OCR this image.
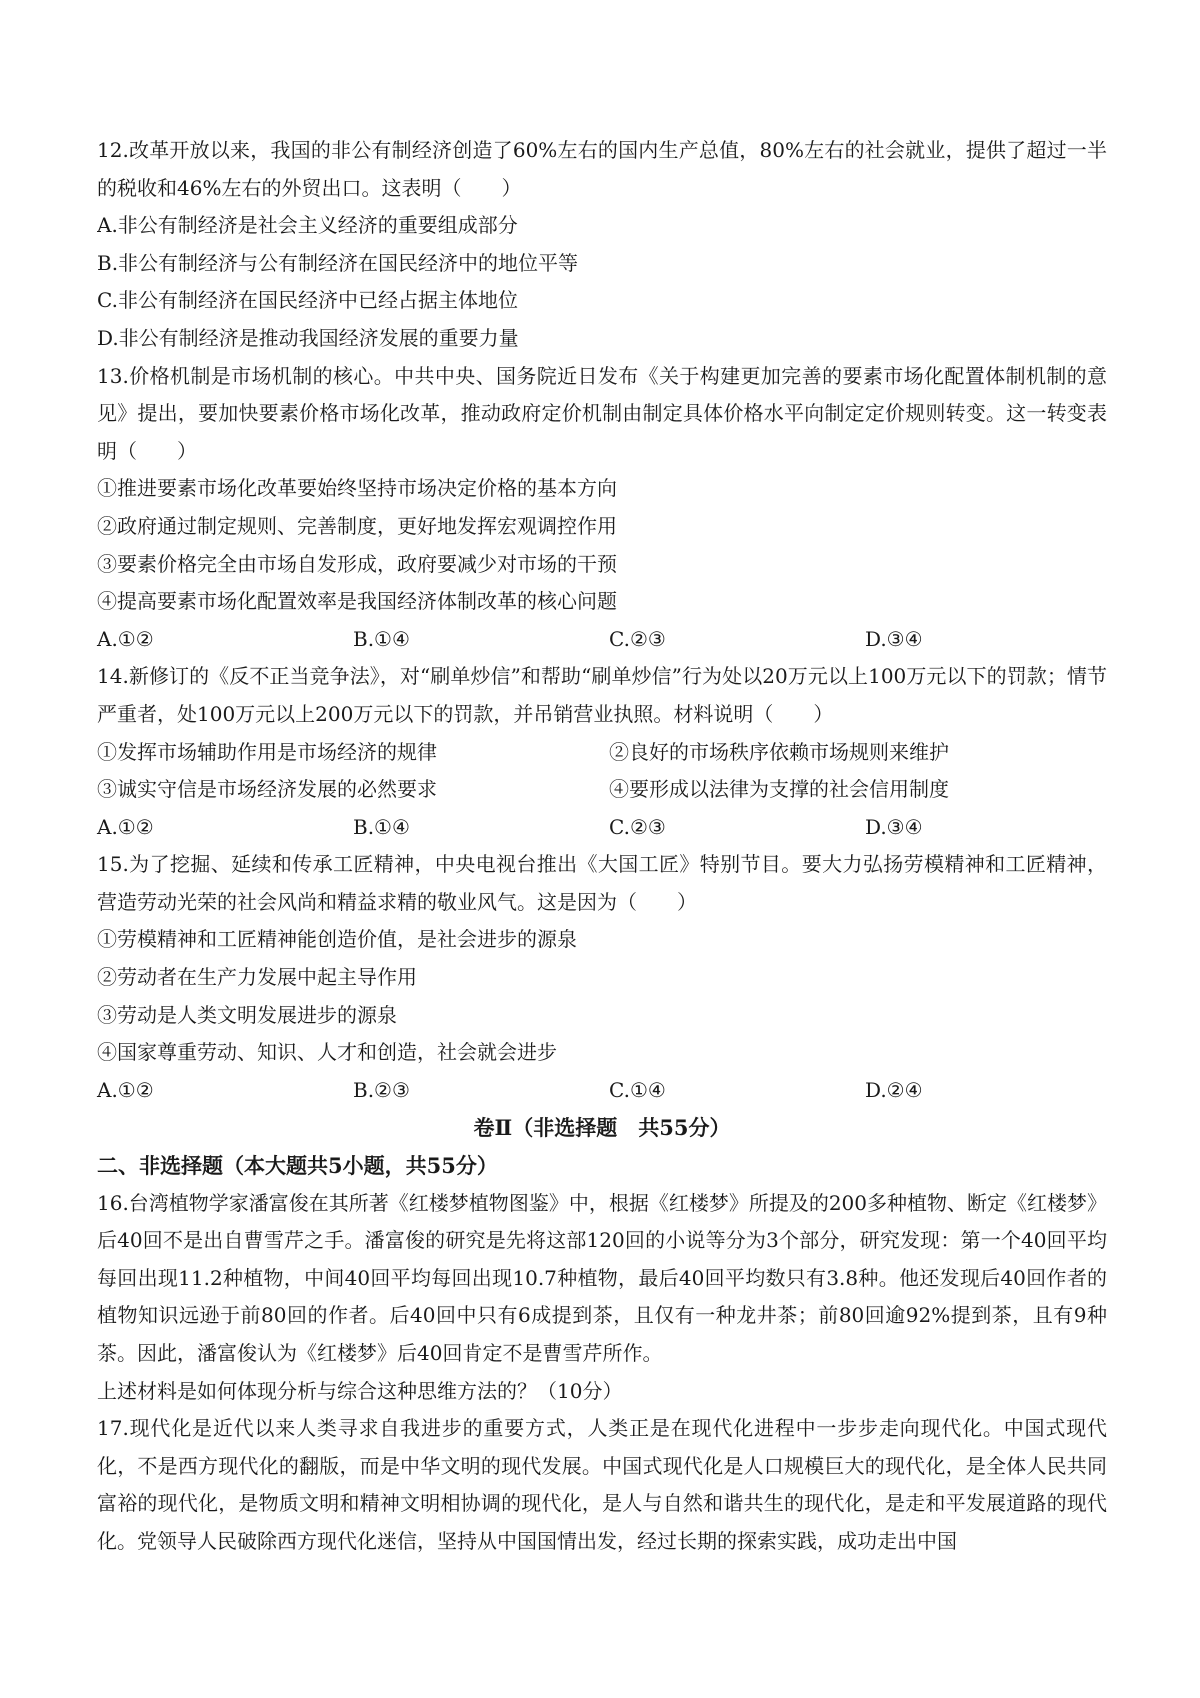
12.改革开放以来，我国的非公有制经济创造了60%左右的国内生产总值，80%左右的社会就业，提供了超过一半的税收和46%左右的外贸出口。这表明（　　）
A.非公有制经济是社会主义经济的重要组成部分
B.非公有制经济与公有制经济在国民经济中的地位平等
C.非公有制经济在国民经济中已经占据主体地位
D.非公有制经济是推动我国经济发展的重要力量
13.价格机制是市场机制的核心。中共中央、国务院近日发布《关于构建更加完善的要素市场化配置体制机制的意见》提出，要加快要素价格市场化改革，推动政府定价机制由制定具体价格水平向制定定价规则转变。这一转变表明（　　）
①推进要素市场化改革要始终坚持市场决定价格的基本方向
②政府通过制定规则、完善制度，更好地发挥宏观调控作用
③要素价格完全由市场自发形成，政府要减少对市场的干预
④提高要素市场化配置效率是我国经济体制改革的核心问题
A.①②	B.①④	C.②③	D.③④
14.新修订的《反不正当竞争法》，对“刷单炒信”和帮助“刷单炒信”行为处以20万元以上100万元以下的罚款；情节严重者，处100万元以上200万元以下的罚款，并吊销营业执照。材料说明（　　）
①发挥市场辅助作用是市场经济的规律	②良好的市场秩序依赖市场规则来维护
③诚实守信是市场经济发展的必然要求	④要形成以法律为支撑的社会信用制度
A.①②	B.①④	C.②③	D.③④
15.为了挖掘、延续和传承工匠精神，中央电视台推出《大国工匠》特别节目。要大力弘扬劳模精神和工匠精神，营造劳动光荣的社会风尚和精益求精的敬业风气。这是因为（　　）
①劳模精神和工匠精神能创造价值，是社会进步的源泉
②劳动者在生产力发展中起主导作用
③劳动是人类文明发展进步的源泉
④国家尊重劳动、知识、人才和创造，社会就会进步
A.①②	B.②③	C.①④	D.②④
卷Ⅱ（非选择题　共55分）
二、非选择题（本大题共5小题，共55分）
16.台湾植物学家潘富俊在其所著《红楼梦植物图鉴》中，根据《红楼梦》所提及的200多种植物、断定《红楼梦》后40回不是出自曹雪芹之手。潘富俊的研究是先将这部120回的小说等分为3个部分，研究发现：第一个40回平均每回出现11.2种植物，中间40回平均每回出现10.7种植物，最后40回平均数只有3.8种。他还发现后40回作者的植物知识远逊于前80回的作者。后40回中只有6成提到茶，且仅有一种龙井茶；前80回逾92%提到茶，且有9种茶。因此，潘富俊认为《红楼梦》后40回肯定不是曹雪芹所作。
上述材料是如何体现分析与综合这种思维方法的？（10分）
17.现代化是近代以来人类寻求自我进步的重要方式，人类正是在现代化进程中一步步走向现代化。中国式现代化，不是西方现代化的翻版，而是中华文明的现代发展。中国式现代化是人口规模巨大的现代化，是全体人民共同富裕的现代化，是物质文明和精神文明相协调的现代化，是人与自然和谐共生的现代化，是走和平发展道路的现代化。党领导人民破除西方现代化迷信，坚持从中国国情出发，经过长期的探索实践，成功走出中国
